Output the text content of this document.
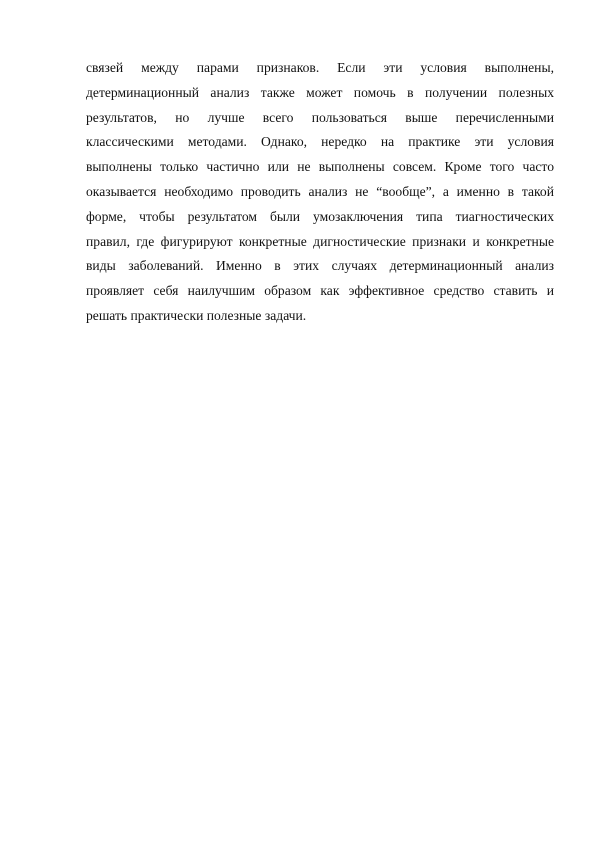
связей между парами признаков. Если эти условия выполнены,
детерминационный анализ также может помочь в получении полезных
результатов, но лучше всего пользоваться выше перечисленными
классическими методами. Однако, нередко на практике эти условия
выполнены только частично или не выполнены совсем. Кроме того часто
оказывается необходимо проводить анализ не “вообще”, а именно в такой
форме, чтобы результатом были умозаключения типа тиагностических
правил, где фигурируют конкретные дигностические признаки и конкретные
виды заболеваний. Именно в этих случаях детерминационный анализ
проявляет себя наилучшим образом как эффективное средство ставить и
решать практически полезные задачи.
